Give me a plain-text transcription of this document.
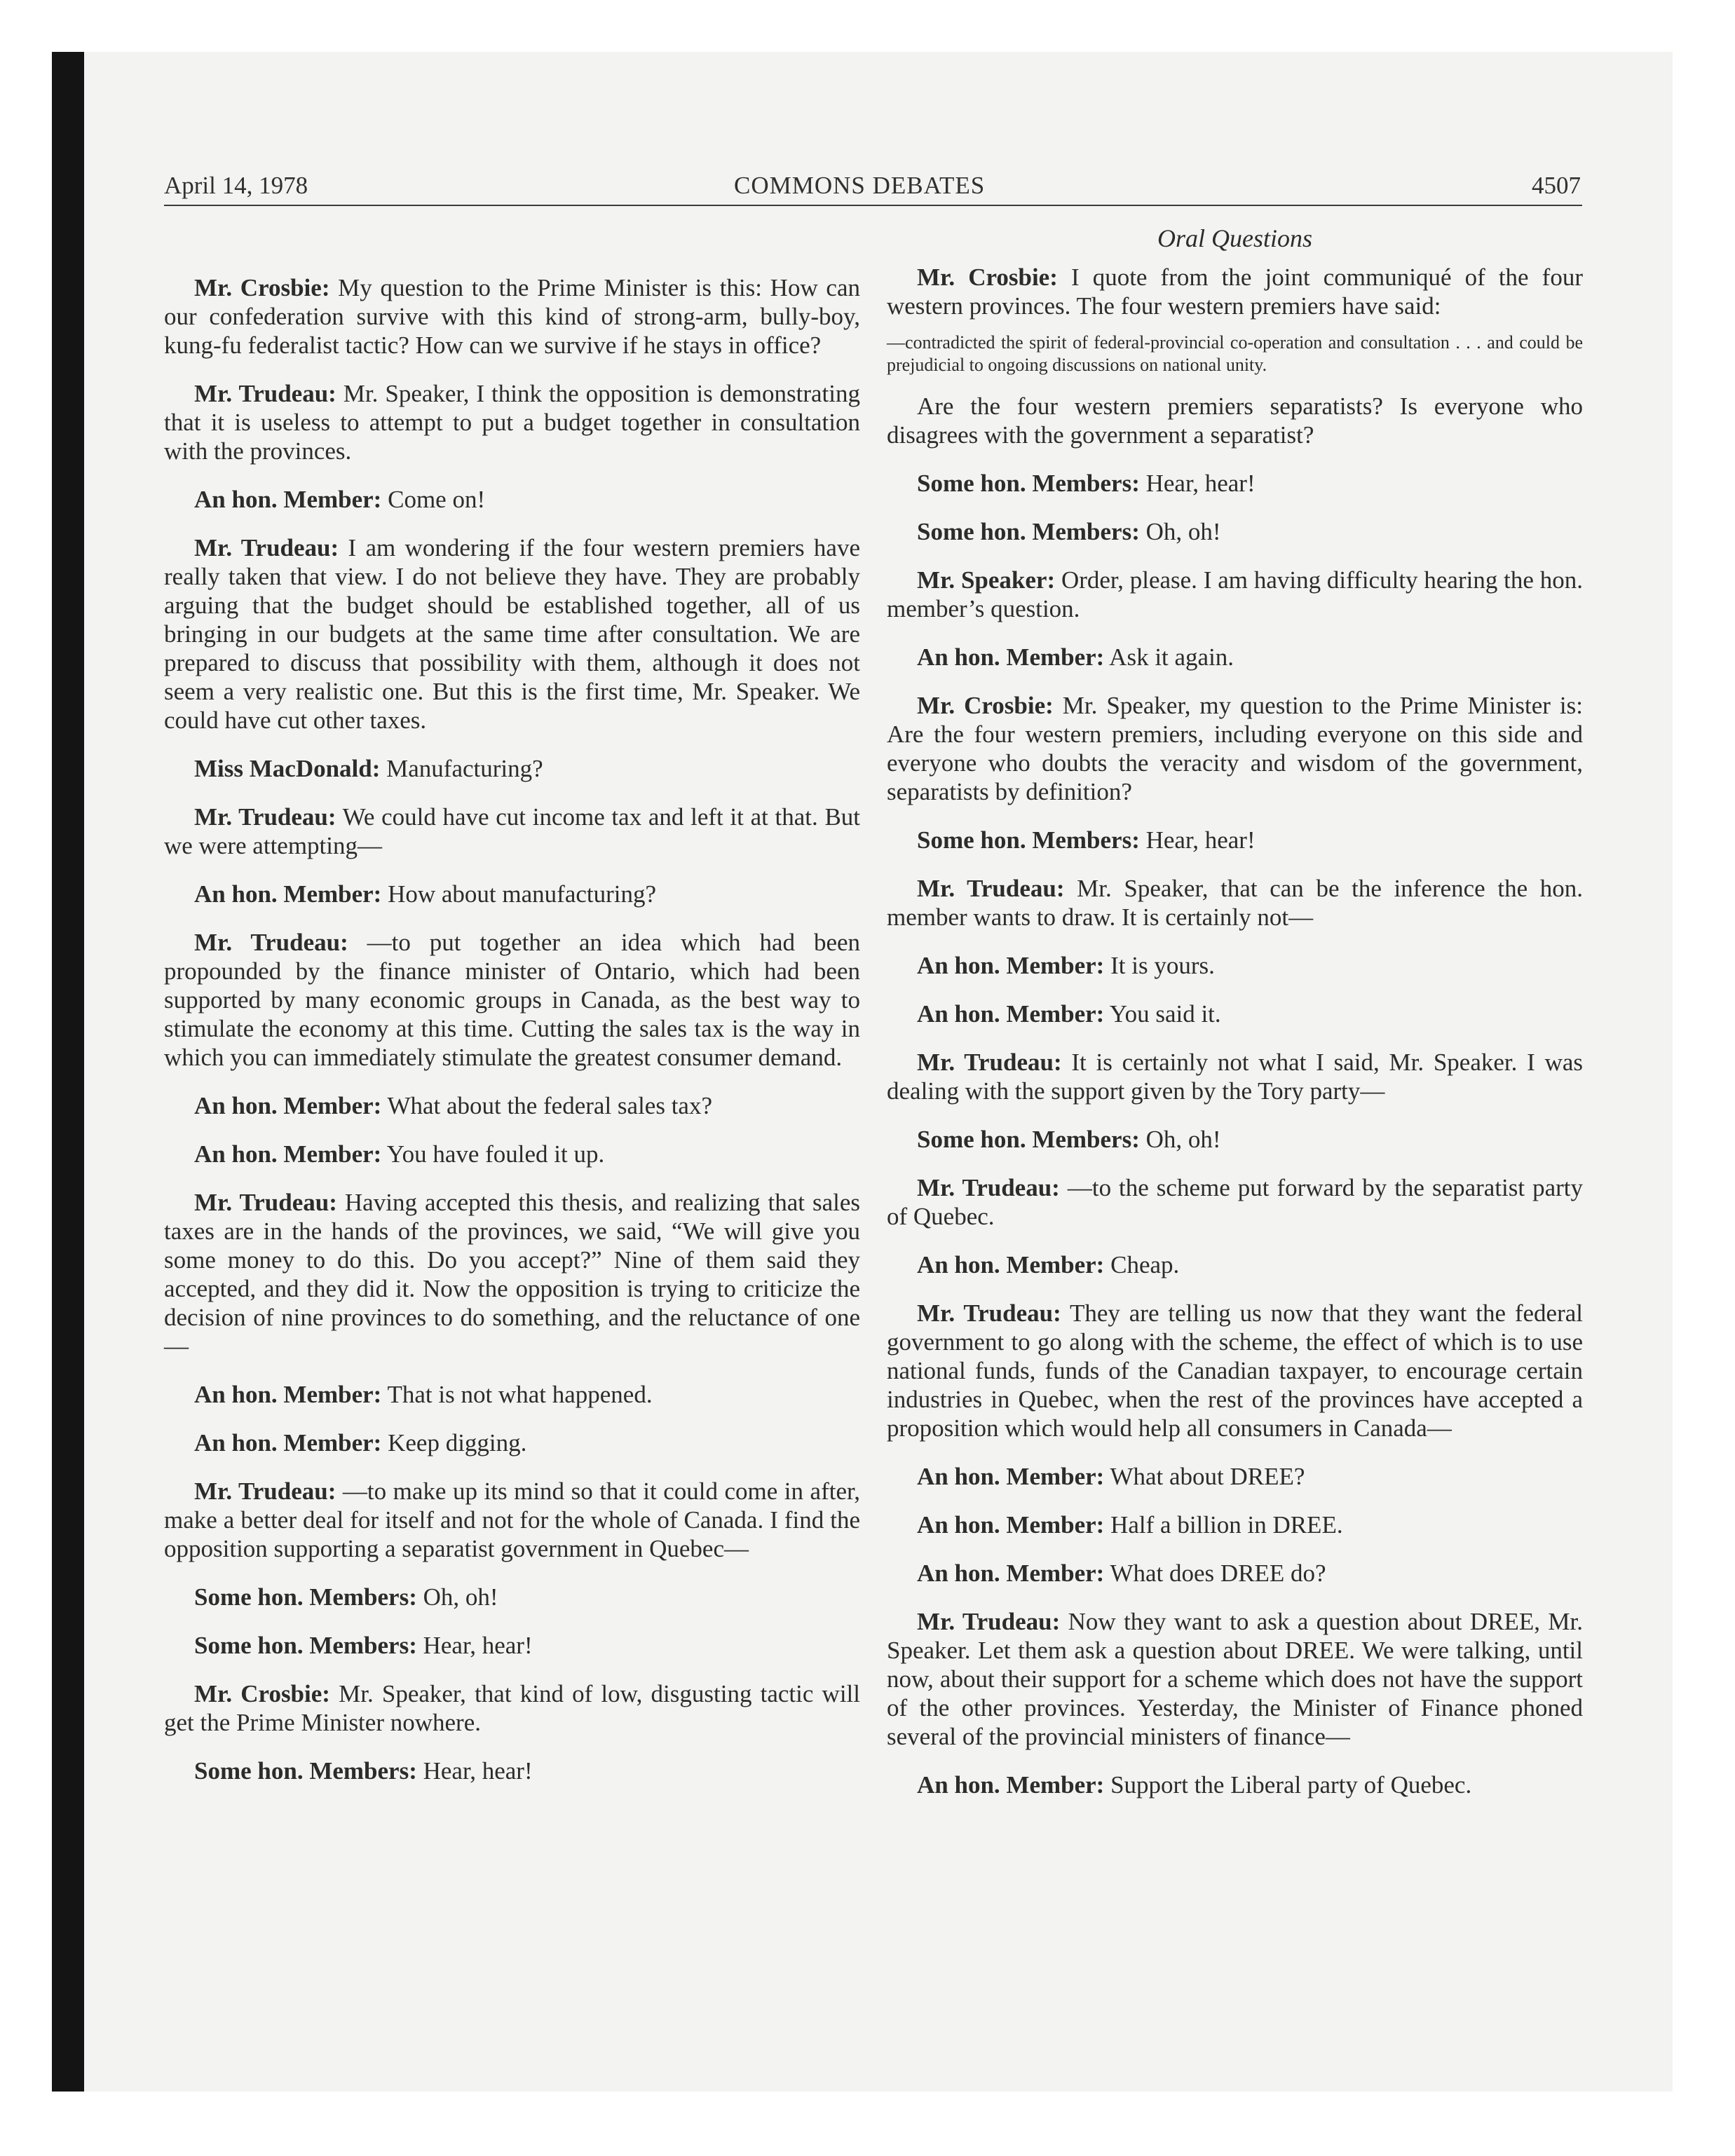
April 14, 1978	COMMONS DEBATES	4507

Mr. Crosbie: My question to the Prime Minister is this: How can our confederation survive with this kind of strong-arm, bully-boy, kung-fu federalist tactic? How can we survive if he stays in office?

Mr. Trudeau: Mr. Speaker, I think the opposition is demonstrating that it is useless to attempt to put a budget together in consultation with the provinces.

An hon. Member: Come on!

Mr. Trudeau: I am wondering if the four western premiers have really taken that view. I do not believe they have. They are probably arguing that the budget should be established together, all of us bringing in our budgets at the same time after consultation. We are prepared to discuss that possibility with them, although it does not seem a very realistic one. But this is the first time, Mr. Speaker. We could have cut other taxes.

Miss MacDonald: Manufacturing?

Mr. Trudeau: We could have cut income tax and left it at that. But we were attempting—

An hon. Member: How about manufacturing?

Mr. Trudeau: —to put together an idea which had been propounded by the finance minister of Ontario, which had been supported by many economic groups in Canada, as the best way to stimulate the economy at this time. Cutting the sales tax is the way in which you can immediately stimulate the greatest consumer demand.

An hon. Member: What about the federal sales tax?

An hon. Member: You have fouled it up.

Mr. Trudeau: Having accepted this thesis, and realizing that sales taxes are in the hands of the provinces, we said, “We will give you some money to do this. Do you accept?” Nine of them said they accepted, and they did it. Now the opposition is trying to criticize the decision of nine provinces to do something, and the reluctance of one—

An hon. Member: That is not what happened.

An hon. Member: Keep digging.

Mr. Trudeau: —to make up its mind so that it could come in after, make a better deal for itself and not for the whole of Canada. I find the opposition supporting a separatist government in Quebec—

Some hon. Members: Oh, oh!

Some hon. Members: Hear, hear!

Mr. Crosbie: Mr. Speaker, that kind of low, disgusting tactic will get the Prime Minister nowhere.

Some hon. Members: Hear, hear!

Oral Questions

Mr. Crosbie: I quote from the joint communiqué of the four western provinces. The four western premiers have said:

—contradicted the spirit of federal-provincial co-operation and consultation . . . and could be prejudicial to ongoing discussions on national unity.

Are the four western premiers separatists? Is everyone who disagrees with the government a separatist?

Some hon. Members: Hear, hear!

Some hon. Members: Oh, oh!

Mr. Speaker: Order, please. I am having difficulty hearing the hon. member’s question.

An hon. Member: Ask it again.

Mr. Crosbie: Mr. Speaker, my question to the Prime Minister is: Are the four western premiers, including everyone on this side and everyone who doubts the veracity and wisdom of the government, separatists by definition?

Some hon. Members: Hear, hear!

Mr. Trudeau: Mr. Speaker, that can be the inference the hon. member wants to draw. It is certainly not—

An hon. Member: It is yours.

An hon. Member: You said it.

Mr. Trudeau: It is certainly not what I said, Mr. Speaker. I was dealing with the support given by the Tory party—

Some hon. Members: Oh, oh!

Mr. Trudeau: —to the scheme put forward by the separatist party of Quebec.

An hon. Member: Cheap.

Mr. Trudeau: They are telling us now that they want the federal government to go along with the scheme, the effect of which is to use national funds, funds of the Canadian taxpayer, to encourage certain industries in Quebec, when the rest of the provinces have accepted a proposition which would help all consumers in Canada—

An hon. Member: What about DREE?

An hon. Member: Half a billion in DREE.

An hon. Member: What does DREE do?

Mr. Trudeau: Now they want to ask a question about DREE, Mr. Speaker. Let them ask a question about DREE. We were talking, until now, about their support for a scheme which does not have the support of the other provinces. Yesterday, the Minister of Finance phoned several of the provincial ministers of finance—

An hon. Member: Support the Liberal party of Quebec.
